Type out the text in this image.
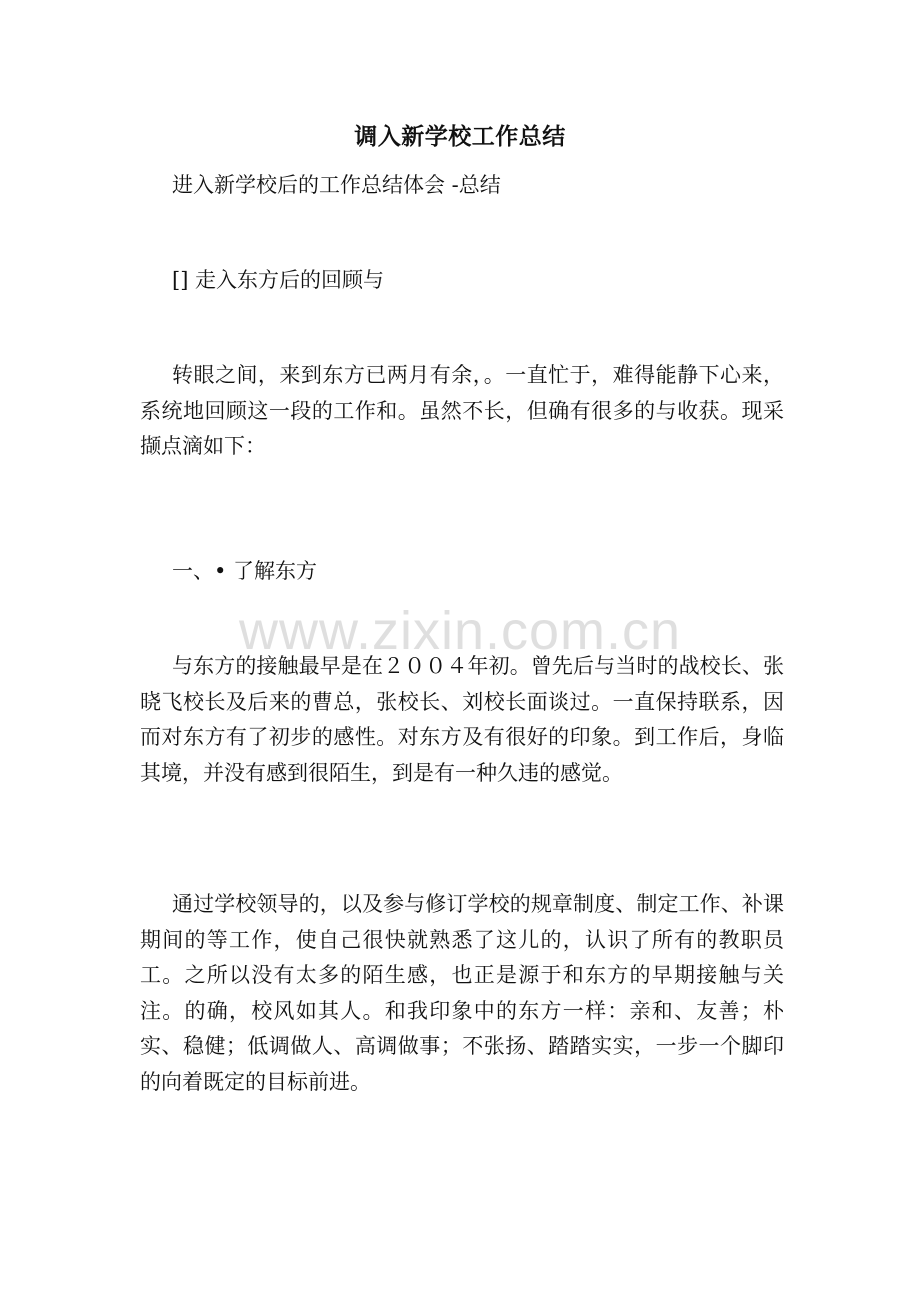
调入新学校工作总结
进入新学校后的工作总结体会 -总结
[] 走入东方后的回顾与
转眼之间，来到东方已两月有余，。一直忙于，难得能静下心来，系统地回顾这一段的工作和。虽然不长，但确有很多的与收获。现采撷点滴如下：
一、• 了解东方
与东方的接触最早是在２００４年初。曾先后与当时的战校长、张晓飞校长及后来的曹总，张校长、刘校长面谈过。一直保持联系，因而对东方有了初步的感性。对东方及有很好的印象。到工作后，身临其境，并没有感到很陌生，到是有一种久违的感觉。
通过学校领导的，以及参与修订学校的规章制度、制定工作、补课期间的等工作，使自己很快就熟悉了这儿的，认识了所有的教职员工。之所以没有太多的陌生感，也正是源于和东方的早期接触与关注。的确，校风如其人。和我印象中的东方一样：亲和、友善；朴实、稳健；低调做人、高调做事；不张扬、踏踏实实，一步一个脚印的向着既定的目标前进。
www.zixin.com.cn
